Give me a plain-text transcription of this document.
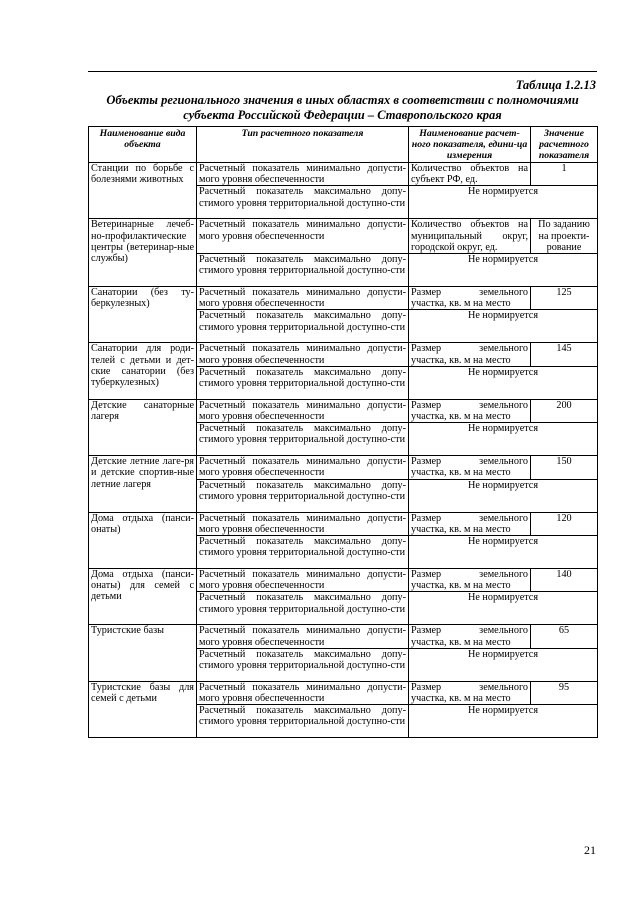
Таблица 1.2.13
Объекты регионального значения в иных областях в соответствии с полномочиями
субъекта Российской Федерации – Ставропольского края
Наименование вида объекта	Тип расчетного показателя	Наименование расчет-ного показателя, едини-ца измерения	Значение расчетного показателя
Станции по борьбе с болезнями животных	Расчетный показатель минимально допусти-мого уровня обеспеченности	Количество объектов на субъект РФ, ед.	1
	Расчетный показатель максимально допу-стимого уровня территориальной доступно-сти	Не нормируется	
Ветеринарные лечеб-но-профилактические центры (ветеринар-ные службы)	Расчетный показатель минимально допусти-мого уровня обеспеченности	Количество объектов на муниципальный округ, городской округ, ед.	По заданию на проекти-рование
	Расчетный показатель максимально допу-стимого уровня территориальной доступно-сти	Не нормируется	
Санатории (без ту-беркулезных)	Расчетный показатель минимально допусти-мого уровня обеспеченности	Размер земельного участка, кв. м на место	125
	Расчетный показатель максимально допу-стимого уровня территориальной доступно-сти	Не нормируется	
Санатории для роди-телей с детьми и дет-ские санатории (без туберкулезных)	Расчетный показатель минимально допусти-мого уровня обеспеченности	Размер земельного участка, кв. м на место	145
	Расчетный показатель максимально допу-стимого уровня территориальной доступно-сти	Не нормируется	
Детские санаторные лагеря	Расчетный показатель минимально допусти-мого уровня обеспеченности	Размер земельного участка, кв. м на место	200
	Расчетный показатель максимально допу-стимого уровня территориальной доступно-сти	Не нормируется	
Детские летние лаге-ря и детские спортив-ные летние лагеря	Расчетный показатель минимально допусти-мого уровня обеспеченности	Размер земельного участка, кв. м на место	150
	Расчетный показатель максимально допу-стимого уровня территориальной доступно-сти	Не нормируется	
Дома отдыха (панси-онаты)	Расчетный показатель минимально допусти-мого уровня обеспеченности	Размер земельного участка, кв. м на место	120
	Расчетный показатель максимально допу-стимого уровня территориальной доступно-сти	Не нормируется	
Дома отдыха (панси-онаты) для семей с детьми	Расчетный показатель минимально допусти-мого уровня обеспеченности	Размер земельного участка, кв. м на место	140
	Расчетный показатель максимально допу-стимого уровня территориальной доступно-сти	Не нормируется	
Туристские базы	Расчетный показатель минимально допусти-мого уровня обеспеченности	Размер земельного участка, кв. м на место	65
	Расчетный показатель максимально допу-стимого уровня территориальной доступно-сти	Не нормируется	
Туристские базы для семей с детьми	Расчетный показатель минимально допусти-мого уровня обеспеченности	Размер земельного участка, кв. м на место	95
	Расчетный показатель максимально допу-стимого уровня территориальной доступно-сти	Не нормируется	
21
